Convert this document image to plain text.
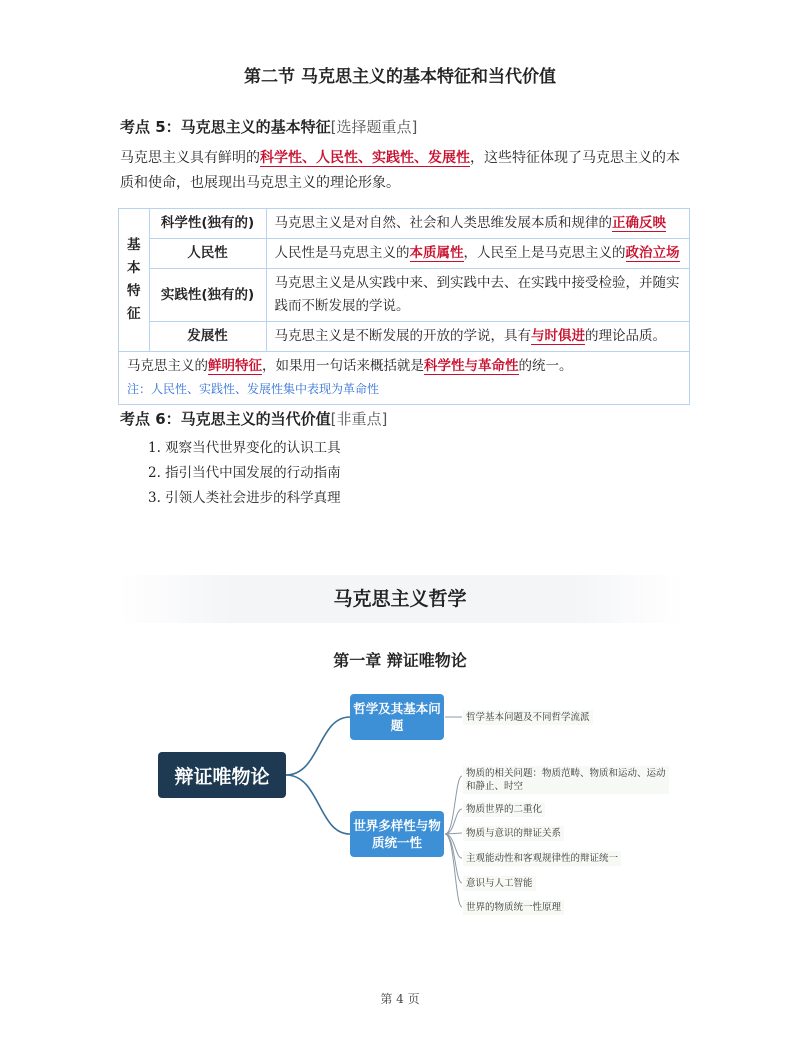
第二节 马克思主义的基本特征和当代价值
考点 5：马克思主义的基本特征[选择题重点]
马克思主义具有鲜明的科学性、人民性、实践性、发展性，这些特征体现了马克思主义的本质和使命，也展现出马克思主义的理论形象。
基
本
特
征	科学性(独有的)	马克思主义是对自然、社会和人类思维发展本质和规律的正确反映
	人民性	人民性是马克思主义的本质属性，人民至上是马克思主义的政治立场
	实践性(独有的)	马克思主义是从实践中来、到实践中去、在实践中接受检验，并随实践而不断发展的学说。
	发展性	马克思主义是不断发展的开放的学说，具有与时俱进的理论品质。

马克思主义的鲜明特征，如果用一句话来概括就是科学性与革命性的统一。
注：人民性、实践性、发展性集中表现为革命性		
考点 6：马克思主义的当代价值[非重点]
1. 观察当代世界变化的认识工具
2. 指引当代中国发展的行动指南
3. 引领人类社会进步的科学真理
马克思主义哲学
第一章 辩证唯物论
辩证唯物论
哲学及其基本问题
世界多样性与物质统一性
哲学基本问题及不同哲学流派
物质的相关问题：物质范畴、物质和运动、运动和静止、时空
物质世界的二重化
物质与意识的辩证关系
主观能动性和客观规律性的辩证统一
意识与人工智能
世界的物质统一性原理
第 4 页
